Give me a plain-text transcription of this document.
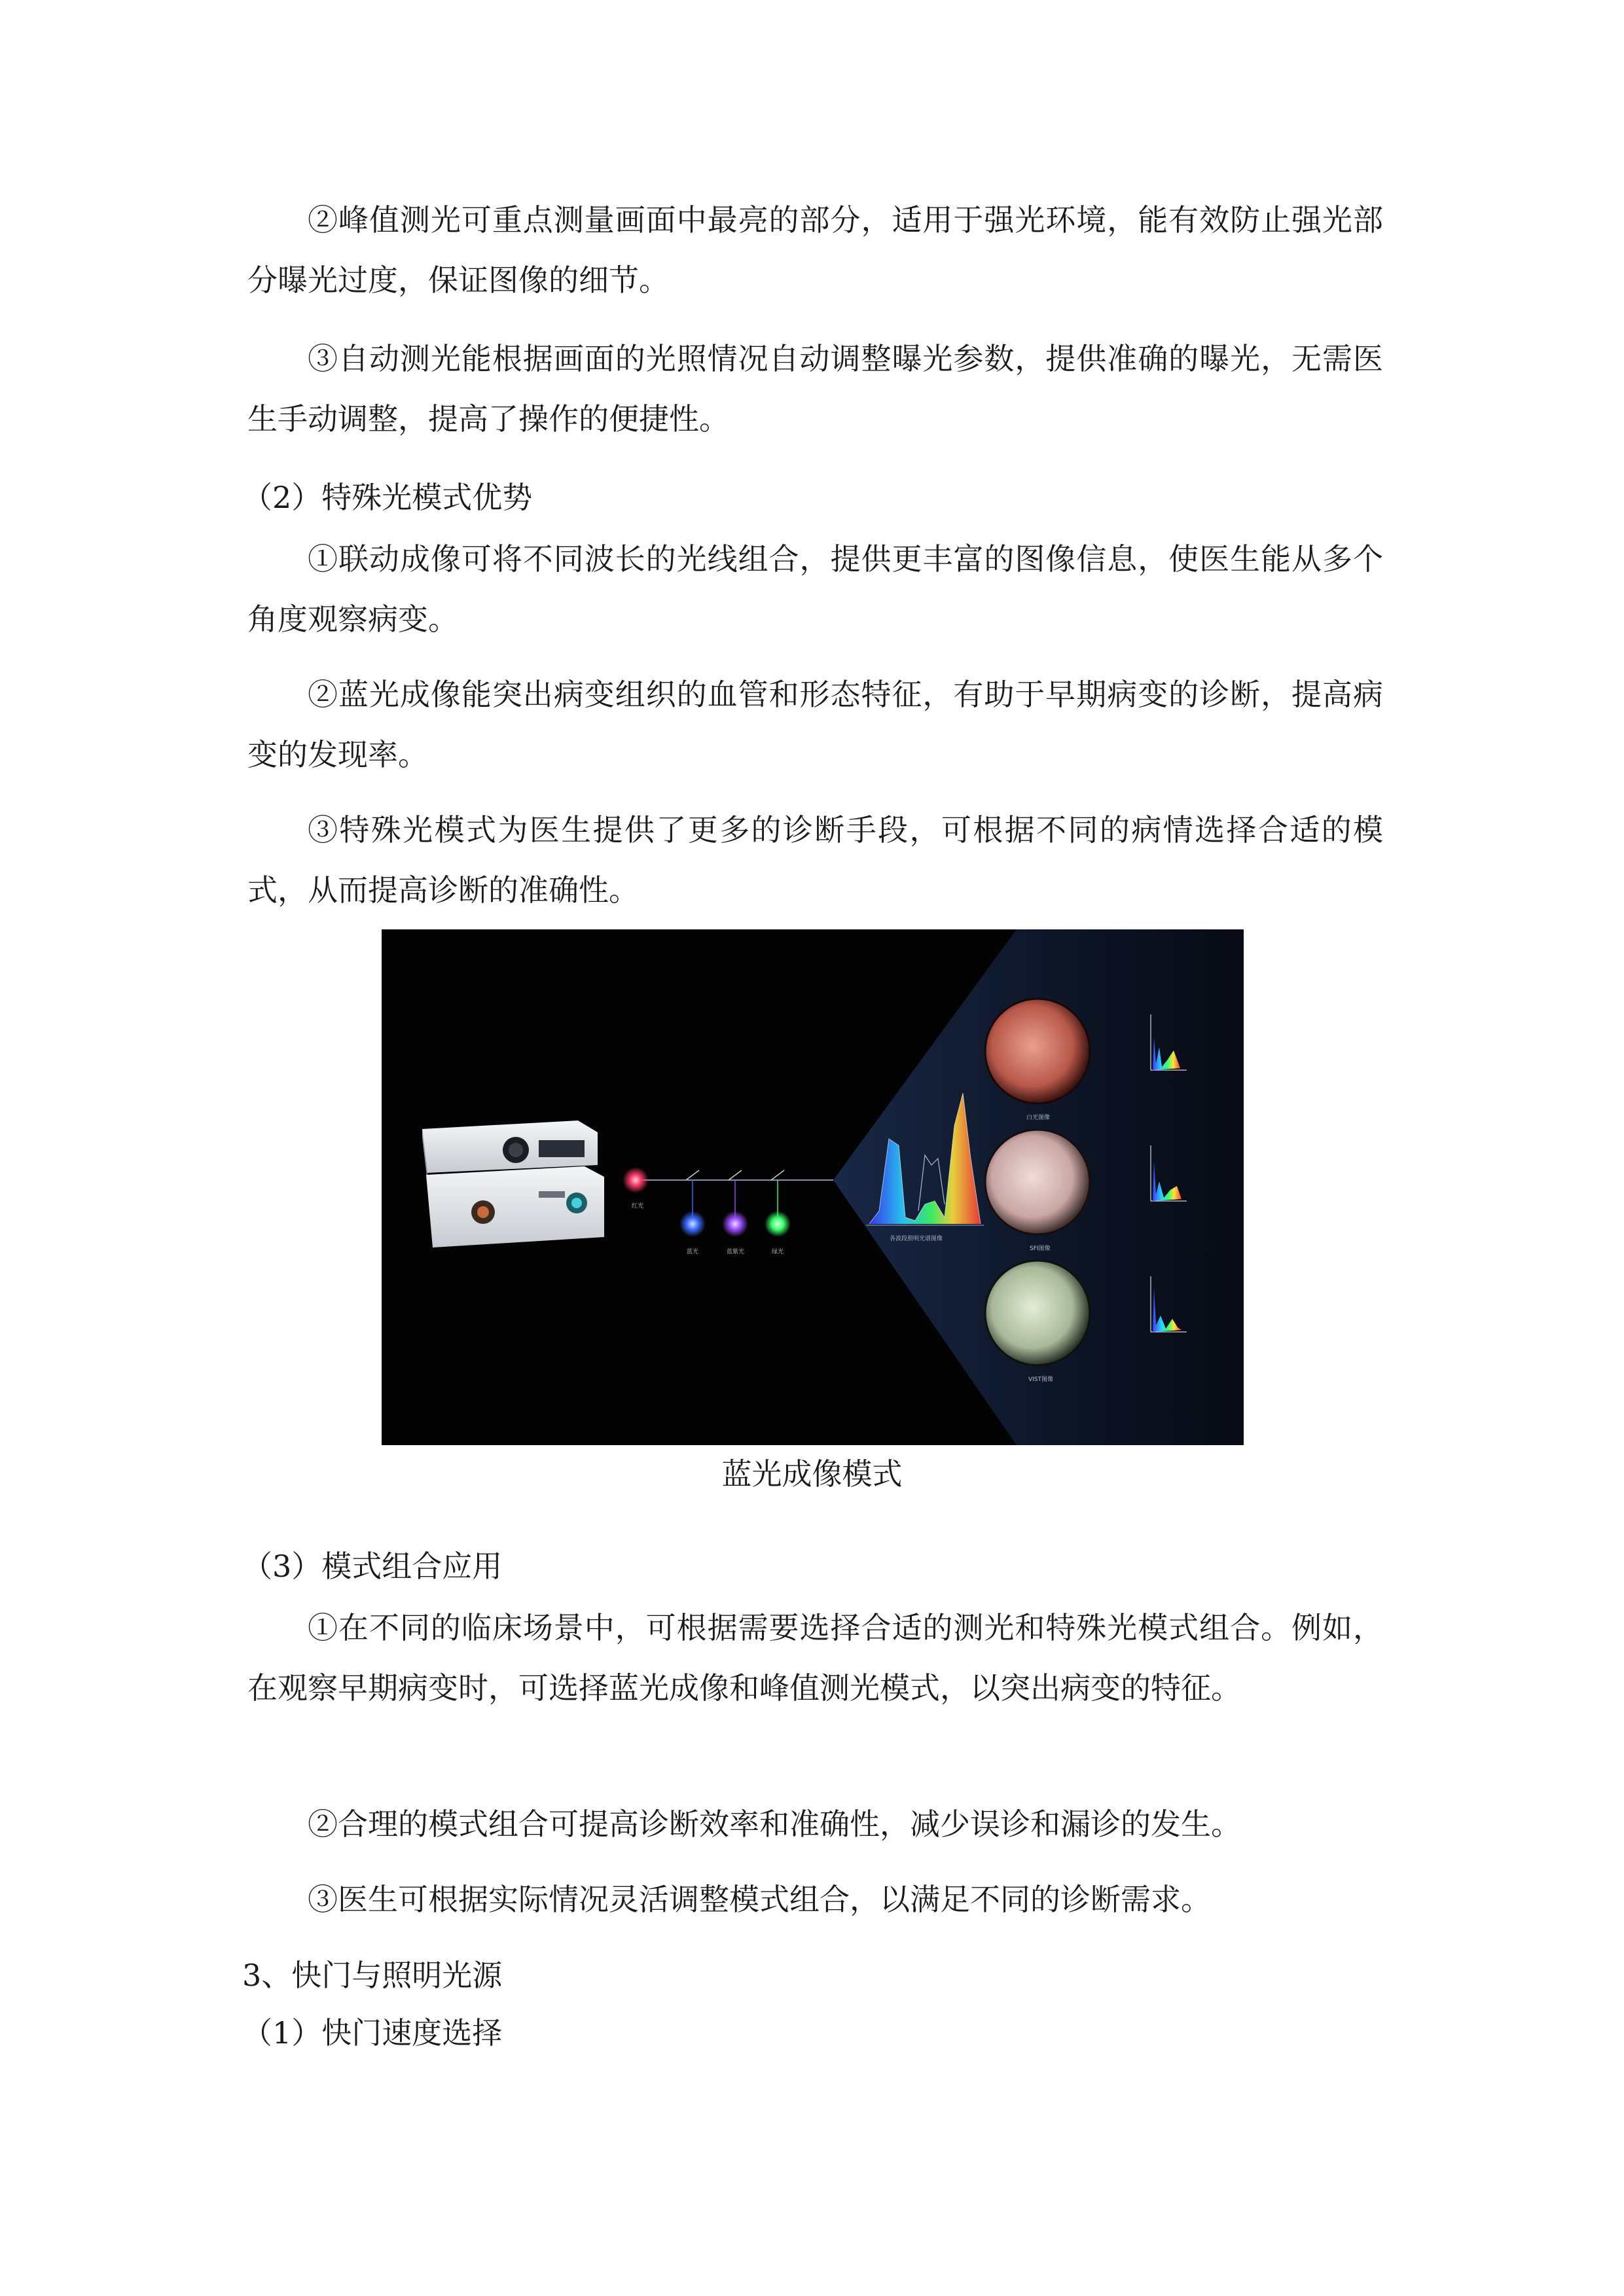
②峰值测光可重点测量画面中最亮的部分，适用于强光环境，能有效防止强光部分曝光过度，保证图像的细节。

③自动测光能根据画面的光照情况自动调整曝光参数，提供准确的曝光，无需医生手动调整，提高了操作的便捷性。

（2）特殊光模式优势

①联动成像可将不同波长的光线组合，提供更丰富的图像信息，使医生能从多个角度观察病变。

②蓝光成像能突出病变组织的血管和形态特征，有助于早期病变的诊断，提高病变的发现率。

③特殊光模式为医生提供了更多的诊断手段，可根据不同的病情选择合适的模式，从而提高诊断的准确性。

红光
蓝光	蓝紫光	绿光
各波段照明光谱图像
白光图像
SFI图像
VIST图像

蓝光成像模式

（3）模式组合应用

①在不同的临床场景中，可根据需要选择合适的测光和特殊光模式组合。例如，在观察早期病变时，可选择蓝光成像和峰值测光模式，以突出病变的特征。

②合理的模式组合可提高诊断效率和准确性，减少误诊和漏诊的发生。

③医生可根据实际情况灵活调整模式组合，以满足不同的诊断需求。

3、快门与照明光源

（1）快门速度选择
